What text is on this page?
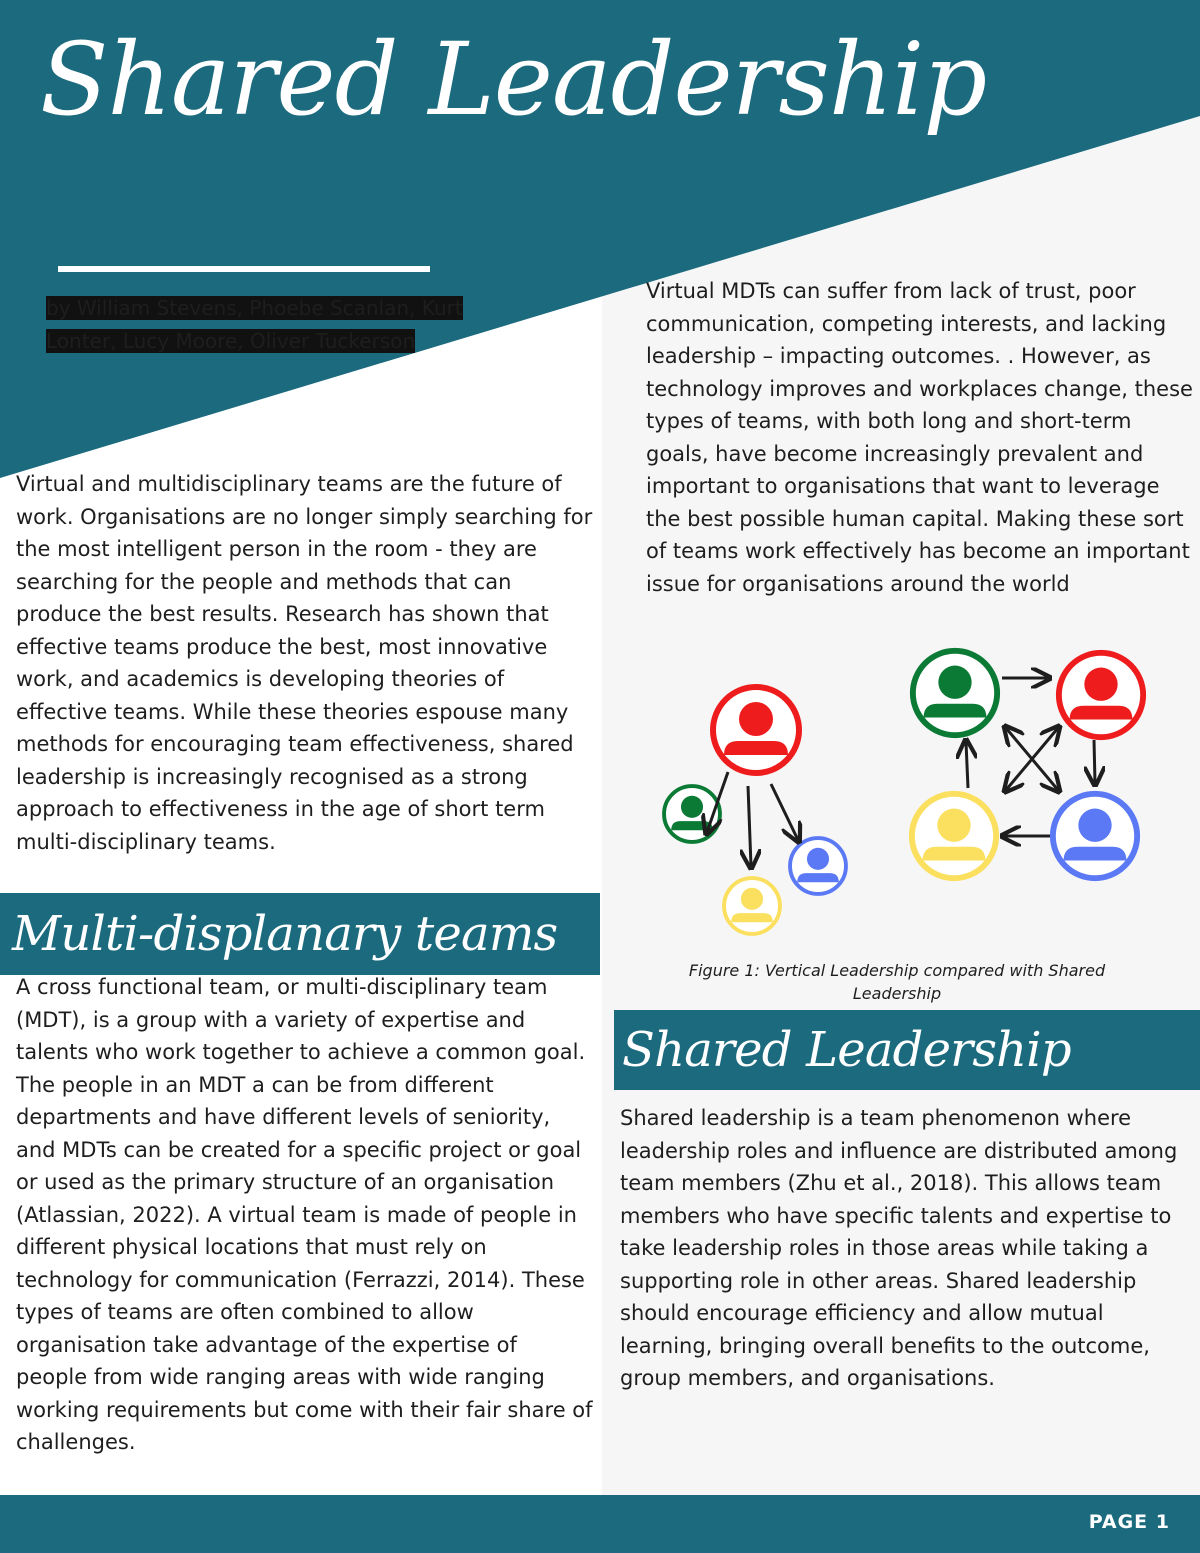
Shared Leadership
by William Stevens, Phoebe Scanlan, Kurt Lonter, Lucy Moore, Oliver Tuckerson

Virtual and multidisciplinary teams are the future of work. Organisations are no longer simply searching for the most intelligent person in the room - they are searching for the people and methods that can produce the best results. Research has shown that effective teams produce the best, most innovative work, and academics is developing theories of effective teams. While these theories espouse many methods for encouraging team effectiveness, shared leadership is increasingly recognised as a strong approach to effectiveness in the age of short term multi-disciplinary teams.

Multi-displanary teams

A cross functional team, or multi-disciplinary team (MDT), is a group with a variety of expertise and talents who work together to achieve a common goal. The people in an MDT a can be from different departments and have different levels of seniority, and MDTs can be created for a specific project or goal or used as the primary structure of an organisation (Atlassian, 2022). A virtual team is made of people in different physical locations that must rely on technology for communication (Ferrazzi, 2014). These types of teams are often combined to allow organisation take advantage of the expertise of people from wide ranging areas with wide ranging working requirements but come with their fair share of challenges.

Virtual MDTs can suffer from lack of trust, poor communication, competing interests, and lacking leadership – impacting outcomes. . However, as technology improves and workplaces change, these types of teams, with both long and short-term goals, have become increasingly prevalent and important to organisations that want to leverage the best possible human capital. Making these sort of teams work effectively has become an important issue for organisations around the world

Figure 1: Vertical Leadership compared with Shared Leadership

Shared Leadership

Shared leadership is a team phenomenon where leadership roles and influence are distributed among team members (Zhu et al., 2018). This allows team members who have specific talents and expertise to take leadership roles in those areas while taking a supporting role in other areas. Shared leadership should encourage efficiency and allow mutual learning, bringing overall benefits to the outcome, group members, and organisations.

PAGE 1
